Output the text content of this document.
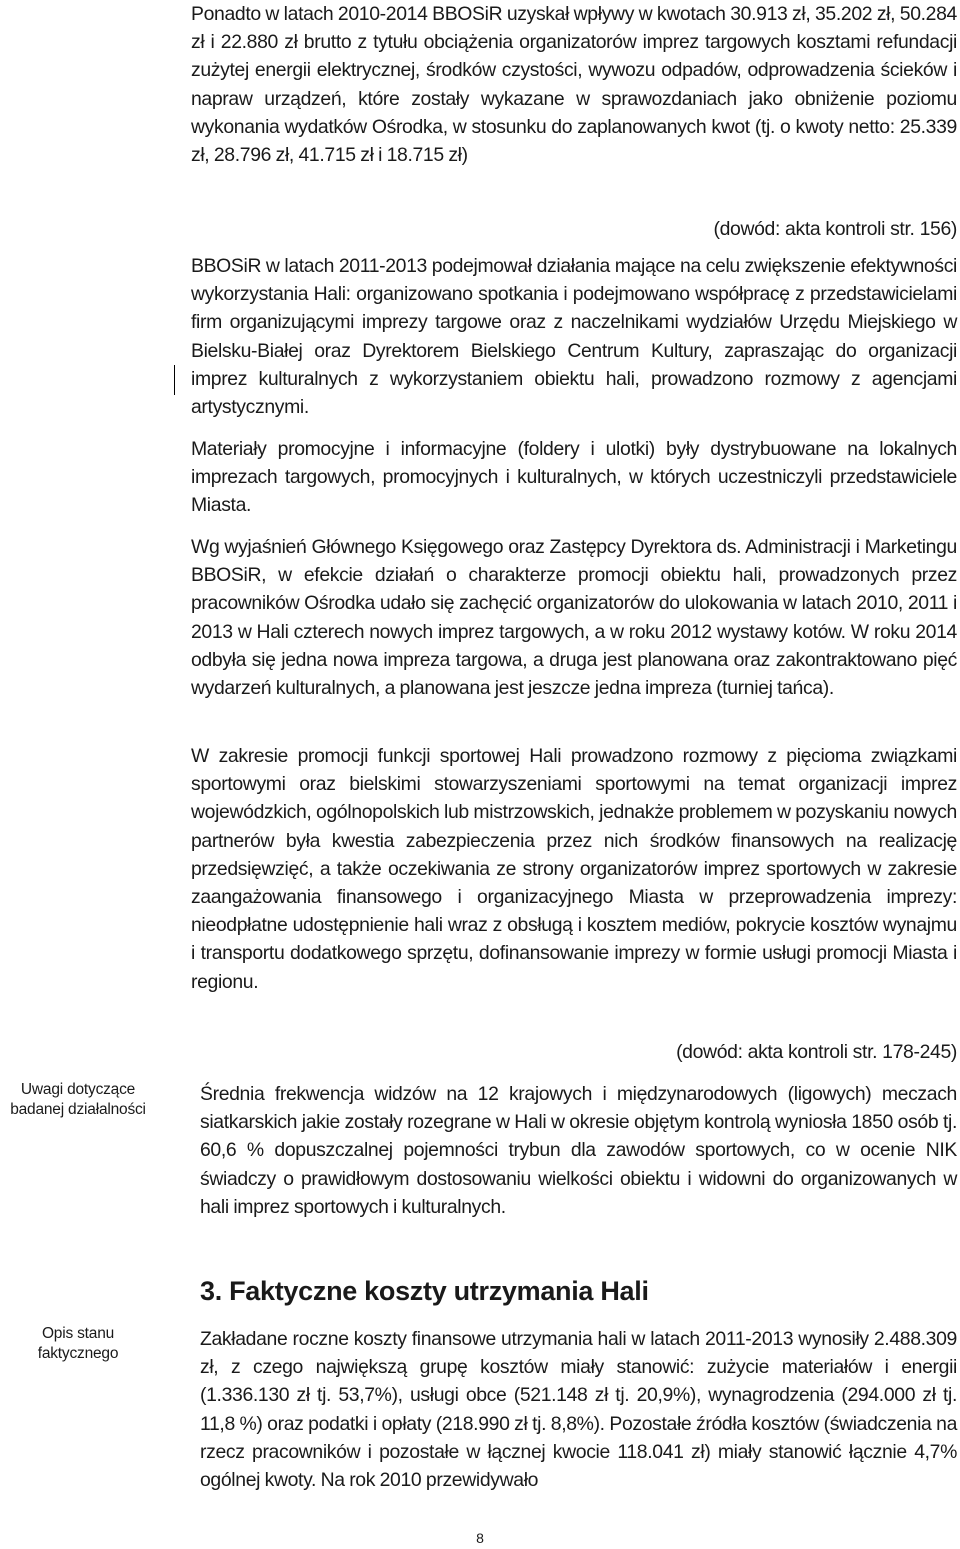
Ponadto w latach 2010-2014 BBOSiR uzyskał wpływy w kwotach 30.913 zł, 35.202 zł, 50.284 zł i 22.880 zł brutto z tytułu obciążenia organizatorów imprez targowych kosztami refundacji zużytej energii elektrycznej, środków czystości, wywozu odpadów, odprowadzenia ścieków i napraw urządzeń, które zostały wykazane w sprawozdaniach jako obniżenie poziomu wykonania wydatków Ośrodka, w stosunku do zaplanowanych kwot (tj. o kwoty netto: 25.339 zł, 28.796 zł, 41.715 zł i 18.715 zł)

(dowód: akta kontroli str. 156)

BBOSiR w latach 2011-2013 podejmował działania mające na celu zwiększenie efektywności wykorzystania Hali: organizowano spotkania i podejmowano współpracę z przedstawicielami firm organizującymi imprezy targowe oraz z naczelnikami wydziałów Urzędu Miejskiego w Bielsku-Białej oraz Dyrektorem Bielskiego Centrum Kultury, zapraszając do organizacji imprez kulturalnych z wykorzystaniem obiektu hali, prowadzono rozmowy z agencjami artystycznymi.

Materiały promocyjne i informacyjne (foldery i ulotki) były dystrybuowane na lokalnych imprezach targowych, promocyjnych i kulturalnych, w których uczestniczyli przedstawiciele Miasta.

Wg wyjaśnień Głównego Księgowego oraz Zastępcy Dyrektora ds. Administracji i Marketingu BBOSiR, w efekcie działań o charakterze promocji obiektu hali, prowadzonych przez pracowników Ośrodka udało się zachęcić organizatorów do ulokowania w latach 2010, 2011 i 2013 w Hali czterech nowych imprez targowych, a w roku 2012 wystawy kotów. W roku 2014 odbyła się jedna nowa impreza targowa, a druga jest planowana oraz zakontraktowano pięć wydarzeń kulturalnych, a planowana jest jeszcze jedna impreza (turniej tańca).

W zakresie promocji funkcji sportowej Hali prowadzono rozmowy z pięcioma związkami sportowymi oraz bielskimi stowarzyszeniami sportowymi na temat organizacji imprez wojewódzkich, ogólnopolskich lub mistrzowskich, jednakże problemem w pozyskaniu nowych partnerów była kwestia zabezpieczenia przez nich środków finansowych na realizację przedsięwzięć, a także oczekiwania ze strony organizatorów imprez sportowych w zakresie zaangażowania finansowego i organizacyjnego Miasta w przeprowadzenia imprezy: nieodpłatne udostępnienie hali wraz z obsługą i kosztem mediów, pokrycie kosztów wynajmu i transportu dodatkowego sprzętu, dofinansowanie imprezy w formie usługi promocji Miasta i regionu.

(dowód: akta kontroli str. 178-245)
Uwagi dotyczące
badanej działalności

Średnia frekwencja widzów na 12 krajowych i międzynarodowych (ligowych) meczach siatkarskich jakie zostały rozegrane w Hali w okresie objętym kontrolą wyniosła 1850 osób tj. 60,6 % dopuszczalnej pojemności trybun dla zawodów sportowych, co w ocenie NIK świadczy o prawidłowym dostosowaniu wielkości obiektu i widowni do organizowanych w hali imprez sportowych i kulturalnych.

3. Faktyczne koszty utrzymania Hali
Opis stanu
faktycznego

Zakładane roczne koszty finansowe utrzymania hali w latach 2011-2013 wynosiły 2.488.309 zł, z czego największą grupę kosztów miały stanowić: zużycie materiałów i energii (1.336.130 zł tj. 53,7%), usługi obce (521.148 zł tj. 20,9%), wynagrodzenia (294.000 zł tj. 11,8 %) oraz podatki i opłaty (218.990 zł tj. 8,8%). Pozostałe źródła kosztów (świadczenia na rzecz pracowników i pozostałe w łącznej kwocie 118.041 zł) miały stanowić łącznie 4,7% ogólnej kwoty. Na rok 2010 przewidywało

8
